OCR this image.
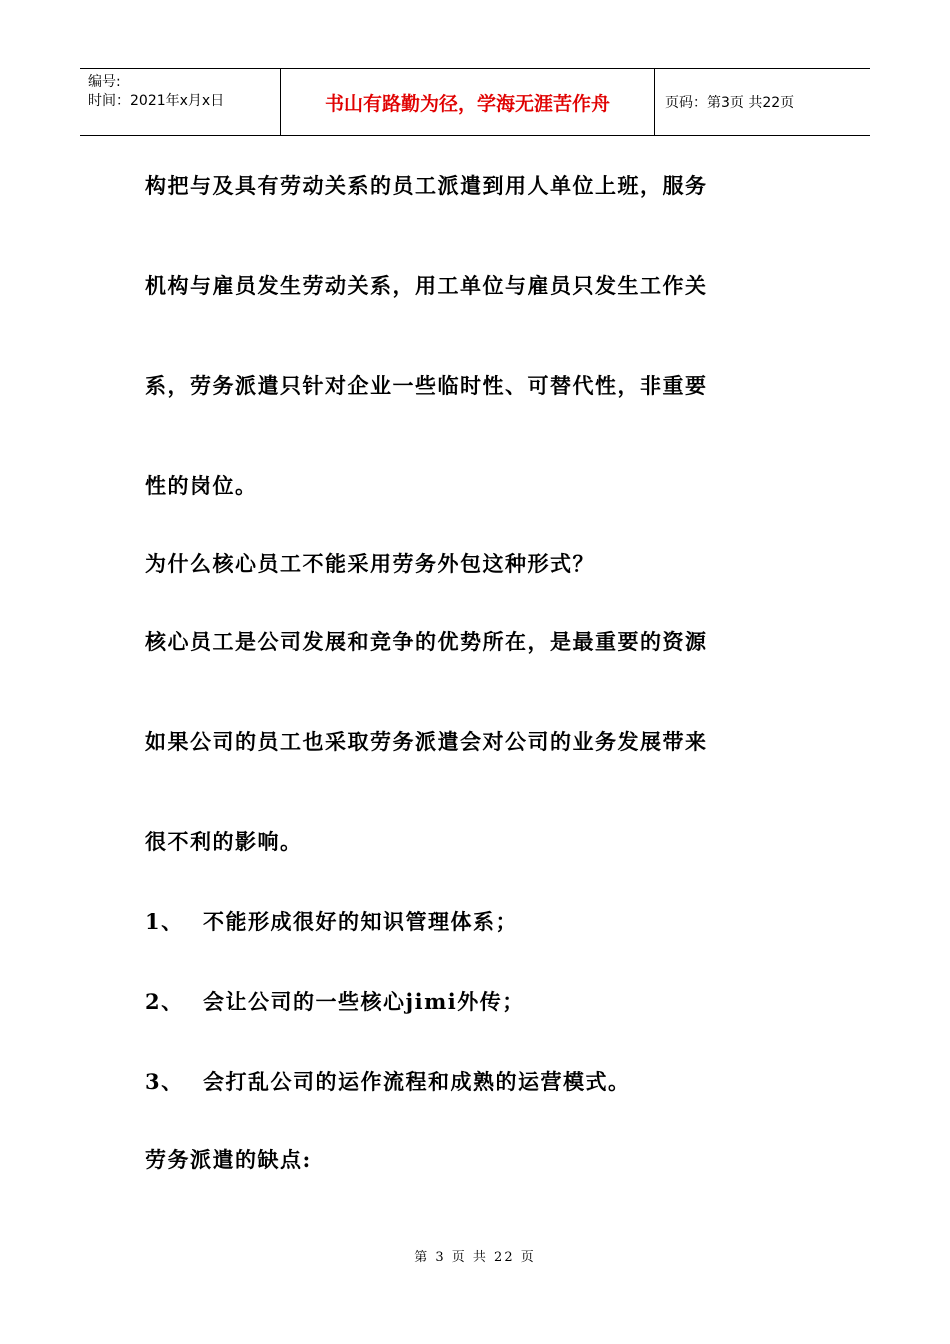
编号:
时间：2021年x月x日	书山有路勤为径，学海无涯苦作舟	页码：第3页 共22页
构把与及具有劳动关系的员工派遣到用人单位上班，服务
机构与雇员发生劳动关系，用工单位与雇员只发生工作关
系，劳务派遣只针对企业一些临时性、可替代性，非重要
性的岗位。
为什么核心员工不能采用劳务外包这种形式？
核心员工是公司发展和竞争的优势所在，是最重要的资源
如果公司的员工也采取劳务派遣会对公司的业务发展带来
很不利的影响。
1、 不能形成很好的知识管理体系；
2、 会让公司的一些核心jimi外传；
3、 会打乱公司的运作流程和成熟的运营模式。
劳务派遣的缺点:
第 3 页 共 22 页
